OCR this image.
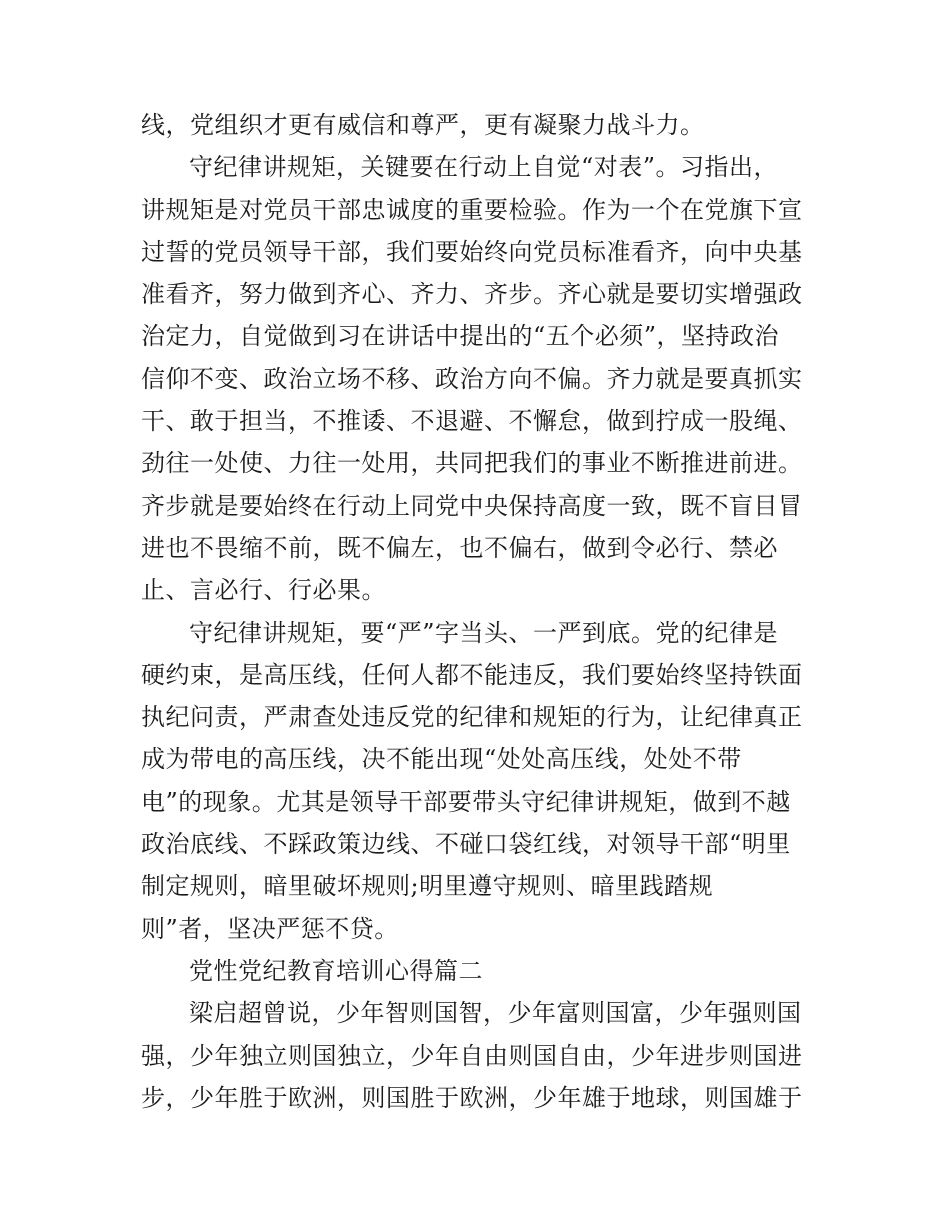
线，党组织才更有威信和尊严，更有凝聚力战斗力。
守纪律讲规矩，关键要在行动上自觉“对表”。习指出，
讲规矩是对党员干部忠诚度的重要检验。作为一个在党旗下宣
过誓的党员领导干部，我们要始终向党员标准看齐，向中央基
准看齐，努力做到齐心、齐力、齐步。齐心就是要切实增强政
治定力，自觉做到习在讲话中提出的“五个必须”，坚持政治
信仰不变、政治立场不移、政治方向不偏。齐力就是要真抓实
干、敢于担当，不推诿、不退避、不懈怠，做到拧成一股绳、
劲往一处使、力往一处用，共同把我们的事业不断推进前进。
齐步就是要始终在行动上同党中央保持高度一致，既不盲目冒
进也不畏缩不前，既不偏左，也不偏右，做到令必行、禁必
止、言必行、行必果。
守纪律讲规矩，要“严”字当头、一严到底。党的纪律是
硬约束，是高压线，任何人都不能违反，我们要始终坚持铁面
执纪问责，严肃查处违反党的纪律和规矩的行为，让纪律真正
成为带电的高压线，决不能出现“处处高压线，处处不带
电”的现象。尤其是领导干部要带头守纪律讲规矩，做到不越
政治底线、不踩政策边线、不碰口袋红线，对领导干部“明里
制定规则，暗里破坏规则;明里遵守规则、暗里践踏规
则”者，坚决严惩不贷。
党性党纪教育培训心得篇二
梁启超曾说，少年智则国智，少年富则国富，少年强则国
强，少年独立则国独立，少年自由则国自由，少年进步则国进
步，少年胜于欧洲，则国胜于欧洲，少年雄于地球，则国雄于
